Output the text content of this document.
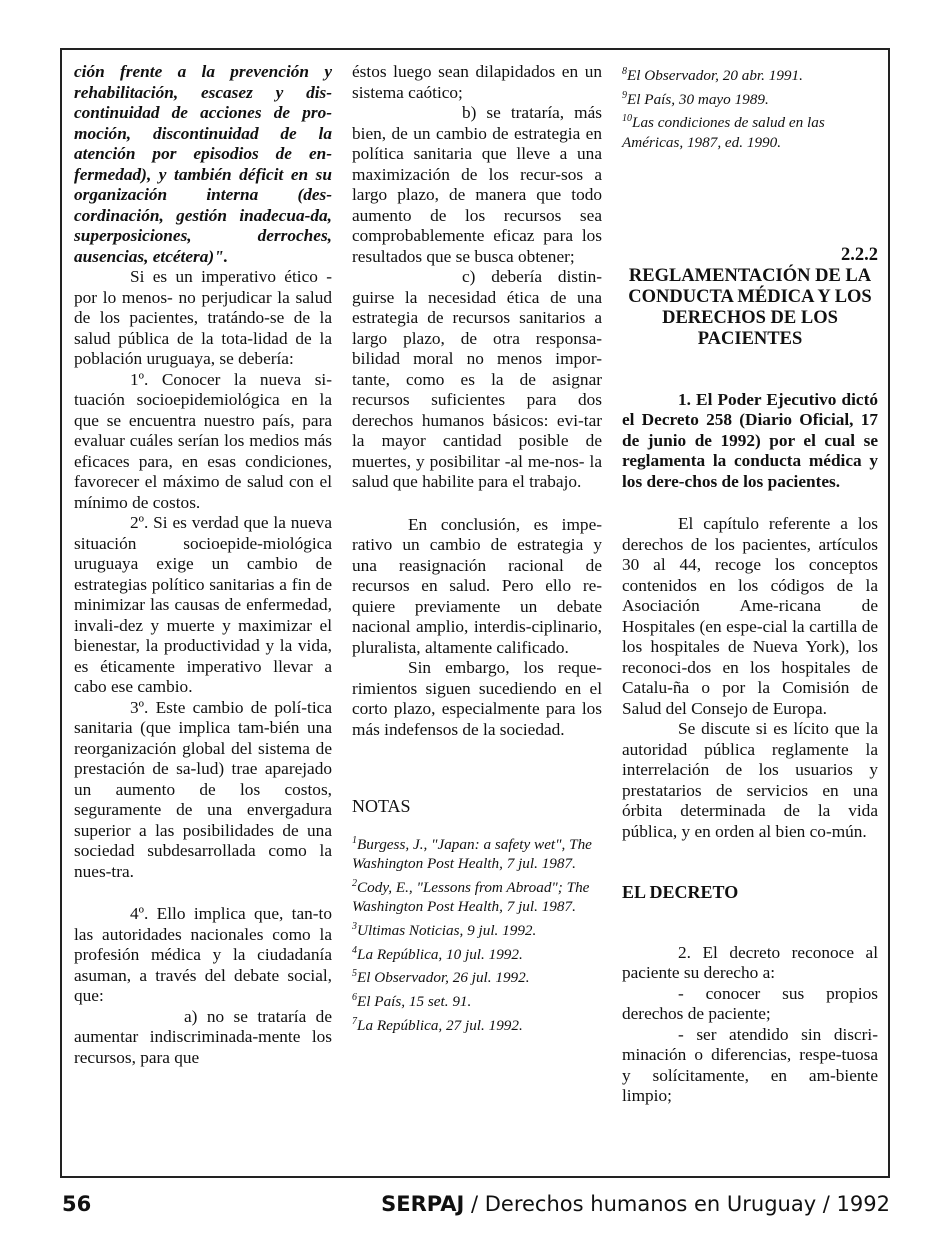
ción frente a la prevención y rehabilitación, escasez y dis-continuidad de acciones de pro-moción, discontinuidad de la atención por episodios de en-fermedad), y también déficit en su organización interna (des-cordinación, gestión inadecua-da, superposiciones, derroches, ausencias, etcétera)".

Si es un imperativo ético -por lo menos- no perjudicar la salud de los pacientes, tratándo-se de la salud pública de la tota-lidad de la población uruguaya, se debería:

1º. Conocer la nueva si-tuación socioepidemiológica en la que se encuentra nuestro país, para evaluar cuáles serían los medios más eficaces para, en esas condiciones, favorecer el máximo de salud con el mínimo de costos.

2º. Si es verdad que la nueva situación socioepide-miológica uruguaya exige un cambio de estrategias político sanitarias a fin de minimizar las causas de enfermedad, invali-dez y muerte y maximizar el bienestar, la productividad y la vida, es éticamente imperativo llevar a cabo ese cambio.

3º. Este cambio de polí-tica sanitaria (que implica tam-bién una reorganización global del sistema de prestación de sa-lud) trae aparejado un aumento de los costos, seguramente de una envergadura superior a las posibilidades de una sociedad subdesarrollada como la nues-tra.

4º. Ello implica que, tan-to las autoridades nacionales como la profesión médica y la ciudadanía asuman, a través del debate social, que:

a) no se trataría de aumentar indiscriminada-mente los recursos, para que

éstos luego sean dilapidados en un sistema caótico;

b) se trataría, más bien, de un cambio de estrategia en política sanitaria que lleve a una maximización de los recur-sos a largo plazo, de manera que todo aumento de los recursos sea comprobablemente eficaz para los resultados que se busca obtener;

c) debería distin-guirse la necesidad ética de una estrategia de recursos sanitarios a largo plazo, de otra responsa-bilidad moral no menos impor-tante, como es la de asignar recursos suficientes para dos derechos humanos básicos: evi-tar la mayor cantidad posible de muertes, y posibilitar -al me-nos- la salud que habilite para el trabajo.

En conclusión, es impe-rativo un cambio de estrategia y una reasignación racional de recursos en salud. Pero ello re-quiere previamente un debate nacional amplio, interdis-ciplinario, pluralista, altamente calificado.

Sin embargo, los reque-rimientos siguen sucediendo en el corto plazo, especialmente para los más indefensos de la sociedad.

NOTAS

$^1$Burgess, J., "Japan: a safety wet", The Washington Post Health, 7 jul. 1987.

$^2$Cody, E., "Lessons from Abroad"; The Washington Post Health, 7 jul. 1987.

$^3$Ultimas Noticias, 9 jul. 1992.

$^4$La República, 10 jul. 1992.

$^5$El Observador, 26 jul. 1992.

$^6$El País, 15 set. 91.

$^7$La República, 27 jul. 1992.

$^8$El Observador, 20 abr. 1991.

$^9$El País, 30 mayo 1989.

$^{10}$Las condiciones de salud en las Américas, 1987, ed. 1990.

2.2.2

REGLAMENTACIÓN DE LA CONDUCTA MÉDICA Y LOS DERECHOS DE LOS PACIENTES

1. El Poder Ejecutivo dictó el Decreto 258 (Diario Oficial, 17 de junio de 1992) por el cual se reglamenta la conducta médica y los dere-chos de los pacientes.

El capítulo referente a los derechos de los pacientes, artículos 30 al 44, recoge los conceptos contenidos en los códigos de la Asociación Ame-ricana de Hospitales (en espe-cial la cartilla de los hospitales de Nueva York), los reconoci-dos en los hospitales de Catalu-ña o por la Comisión de Salud del Consejo de Europa.

Se discute si es lícito que la autoridad pública reglamente la interrelación de los usuarios y prestatarios de servicios en una órbita determinada de la vida pública, y en orden al bien co-mún.

EL DECRETO

2. El decreto reconoce al paciente su derecho a:

- conocer sus propios derechos de paciente;

- ser atendido sin discri-minación o diferencias, respe-tuosa y solícitamente, en am-biente limpio;

56	SERPAJ / Derechos humanos en Uruguay / 1992
